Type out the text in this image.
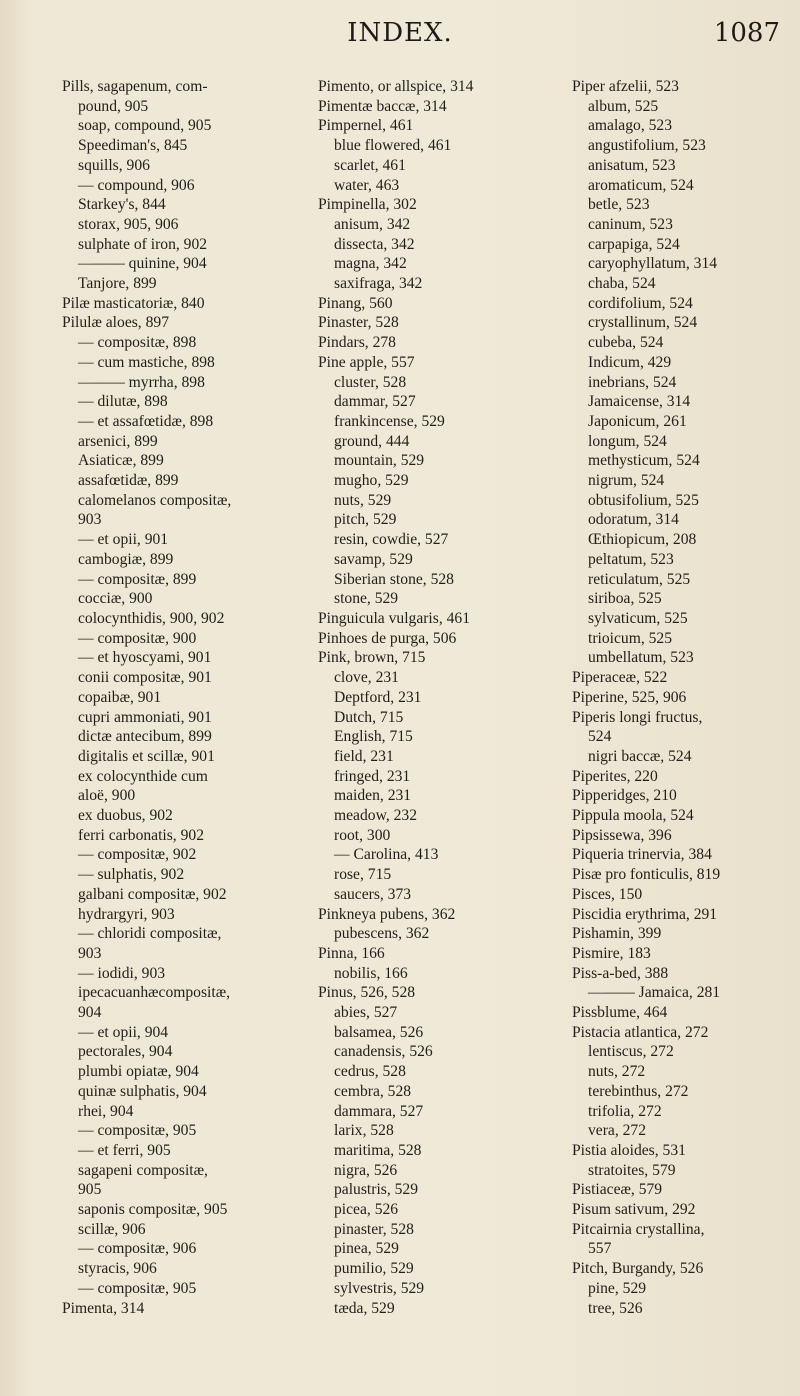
INDEX.	1087
Pills, sagapenum, com-
pound, 905
soap, compound, 905
Speediman's, 845
squills, 906
— compound, 906
Starkey's, 844
storax, 905, 906
sulphate of iron, 902
——— quinine, 904
Tanjore, 899
Pilæ masticatoriæ, 840
Pilulæ aloes, 897
— compositæ, 898
— cum mastiche, 898
——— myrrha, 898
— dilutæ, 898
— et assafœtidæ, 898
arsenici, 899
Asiaticæ, 899
assafœtidæ, 899
calomelanos compositæ,
903
— et opii, 901
cambogiæ, 899
— compositæ, 899
cocciæ, 900
colocynthidis, 900, 902
— compositæ, 900
— et hyoscyami, 901
conii compositæ, 901
copaibæ, 901
cupri ammoniati, 901
dictæ antecibum, 899
digitalis et scillæ, 901
ex colocynthide cum
aloë, 900
ex duobus, 902
ferri carbonatis, 902
— compositæ, 902
— sulphatis, 902
galbani compositæ, 902
hydrargyri, 903
— chloridi compositæ,
903
— iodidi, 903
ipecacuanhæcompositæ,
904
— et opii, 904
pectorales, 904
plumbi opiatæ, 904
quinæ sulphatis, 904
rhei, 904
— compositæ, 905
— et ferri, 905
sagapeni compositæ,
905
saponis compositæ, 905
scillæ, 906
— compositæ, 906
styracis, 906
— compositæ, 905
Pimenta, 314
Pimento, or allspice, 314
Pimentæ baccæ, 314
Pimpernel, 461
blue flowered, 461
scarlet, 461
water, 463
Pimpinella, 302
anisum, 342
dissecta, 342
magna, 342
saxifraga, 342
Pinang, 560
Pinaster, 528
Pindars, 278
Pine apple, 557
cluster, 528
dammar, 527
frankincense, 529
ground, 444
mountain, 529
mugho, 529
nuts, 529
pitch, 529
resin, cowdie, 527
savamp, 529
Siberian stone, 528
stone, 529
Pinguicula vulgaris, 461
Pinhoes de purga, 506
Pink, brown, 715
clove, 231
Deptford, 231
Dutch, 715
English, 715
field, 231
fringed, 231
maiden, 231
meadow, 232
root, 300
— Carolina, 413
rose, 715
saucers, 373
Pinkneya pubens, 362
pubescens, 362
Pinna, 166
nobilis, 166
Pinus, 526, 528
abies, 527
balsamea, 526
canadensis, 526
cedrus, 528
cembra, 528
dammara, 527
larix, 528
maritima, 528
nigra, 526
palustris, 529
picea, 526
pinaster, 528
pinea, 529
pumilio, 529
sylvestris, 529
tæda, 529
Piper afzelii, 523
album, 525
amalago, 523
angustifolium, 523
anisatum, 523
aromaticum, 524
betle, 523
caninum, 523
carpapiga, 524
caryophyllatum, 314
chaba, 524
cordifolium, 524
crystallinum, 524
cubeba, 524
Indicum, 429
inebrians, 524
Jamaicense, 314
Japonicum, 261
longum, 524
methysticum, 524
nigrum, 524
obtusifolium, 525
odoratum, 314
Œthiopicum, 208
peltatum, 523
reticulatum, 525
siriboa, 525
sylvaticum, 525
trioicum, 525
umbellatum, 523
Piperaceæ, 522
Piperine, 525, 906
Piperis longi fructus,
524
nigri baccæ, 524
Piperites, 220
Pipperidges, 210
Pippula moola, 524
Pipsissewa, 396
Piqueria trinervia, 384
Pisæ pro fonticulis, 819
Pisces, 150
Piscidia erythrima, 291
Pishamin, 399
Pismire, 183
Piss-a-bed, 388
——— Jamaica, 281
Pissblume, 464
Pistacia atlantica, 272
lentiscus, 272
nuts, 272
terebinthus, 272
trifolia, 272
vera, 272
Pistia aloides, 531
stratoites, 579
Pistiaceæ, 579
Pisum sativum, 292
Pitcairnia crystallina,
557
Pitch, Burgandy, 526
pine, 529
tree, 526
